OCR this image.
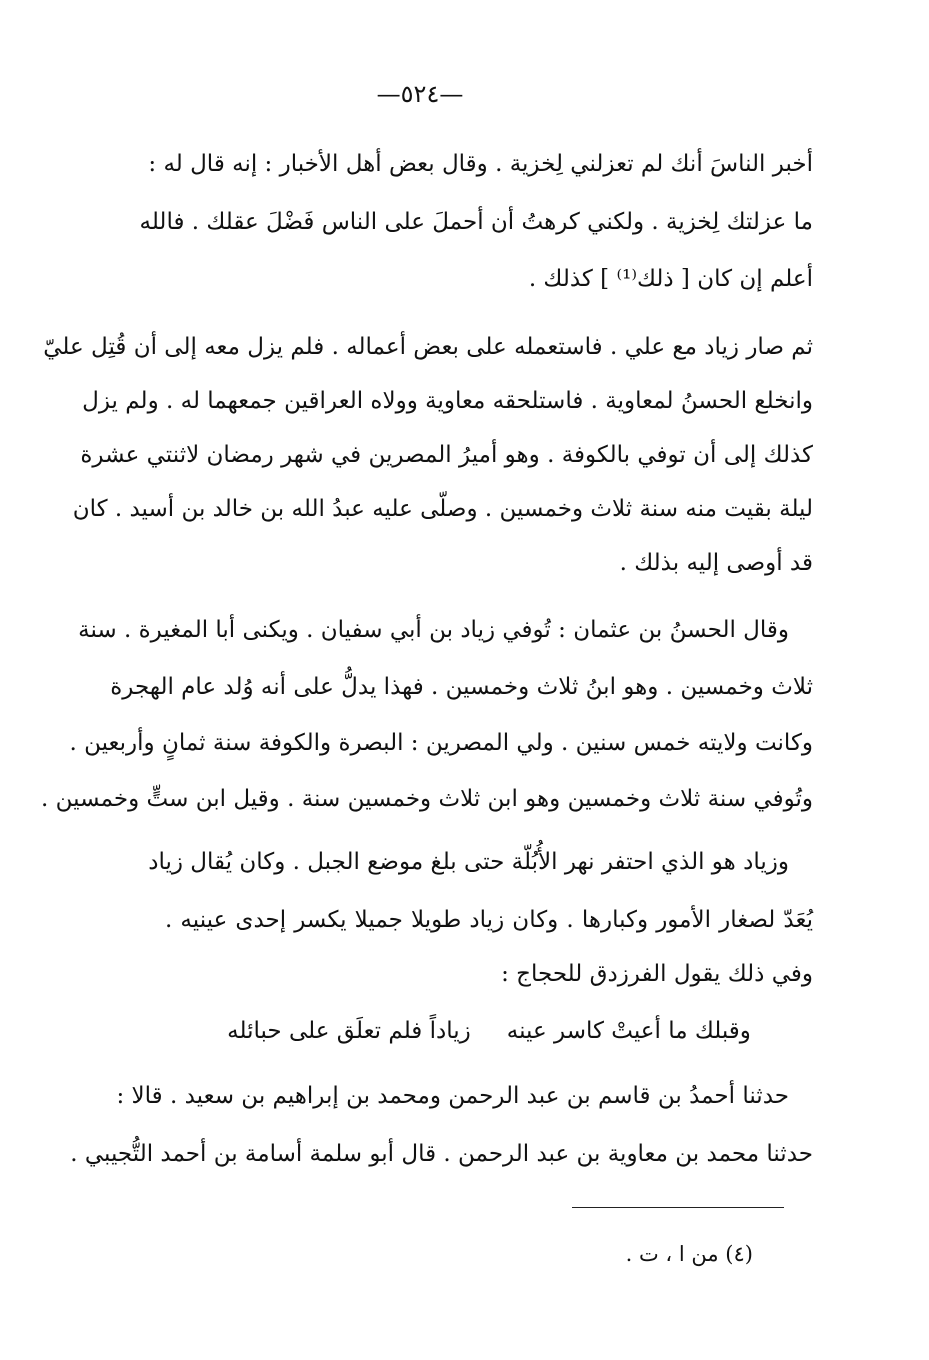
—٥٢٤—
أخبر الناسَ أنك لم تعزلني لِخزية . وقال بعض أهل الأخبار : إنه قال له :
ما عزلتك لِخزية . ولكني كرهتُ أن أحملَ على الناس فَضْلَ عقلك . فالله
أعلم إن كان [ ذلك⁽¹⁾ ] كذلك .
ثم صار زياد مع علي . فاستعمله على بعض أعماله . فلم يزل معه إلى أن قُتِل عليّ
وانخلع الحسنُ لمعاوية . فاستلحقه معاوية وولاه العراقين جمعهما له . ولم يزل
كذلك إلى أن توفي بالكوفة . وهو أميرُ المصرين في شهر رمضان لاثنتي عشرة
ليلة بقيت منه سنة ثلاث وخمسين . وصلّى عليه عبدُ الله بن خالد بن أسيد . كان
قد أوصى إليه بذلك .
وقال الحسنُ بن عثمان : تُوفي زياد بن أبي سفيان . ويكنى أبا المغيرة . سنة
ثلاث وخمسين . وهو ابنُ ثلاث وخمسين . فهذا يدلُّ على أنه وُلد عام الهجرة
وكانت ولايته خمس سنين . ولي المصرين : البصرة والكوفة سنة ثمانٍ وأربعين .
وتُوفي سنة ثلاث وخمسين وهو ابن ثلاث وخمسين سنة . وقيل ابن ستٍّ وخمسين .
وزياد هو الذي احتفر نهر الأُبُلّة حتى بلغ موضع الجبل . وكان يُقال زياد
يُعَدّ لصغار الأمور وكبارها . وكان زياد طويلا جميلا يكسر إحدى عينيه .
وفي ذلك يقول الفرزدق للحجاج :
وقبلك ما أعيتْ كاسر عينه
زياداً فلم تعلَق على حبائله
حدثنا أحمدُ بن قاسم بن عبد الرحمن ومحمد بن إبراهيم بن سعيد . قالا :
حدثنا محمد بن معاوية بن عبد الرحمن . قال أبو سلمة أسامة بن أحمد التُّجيبي .
(٤) من ا ، ت .
